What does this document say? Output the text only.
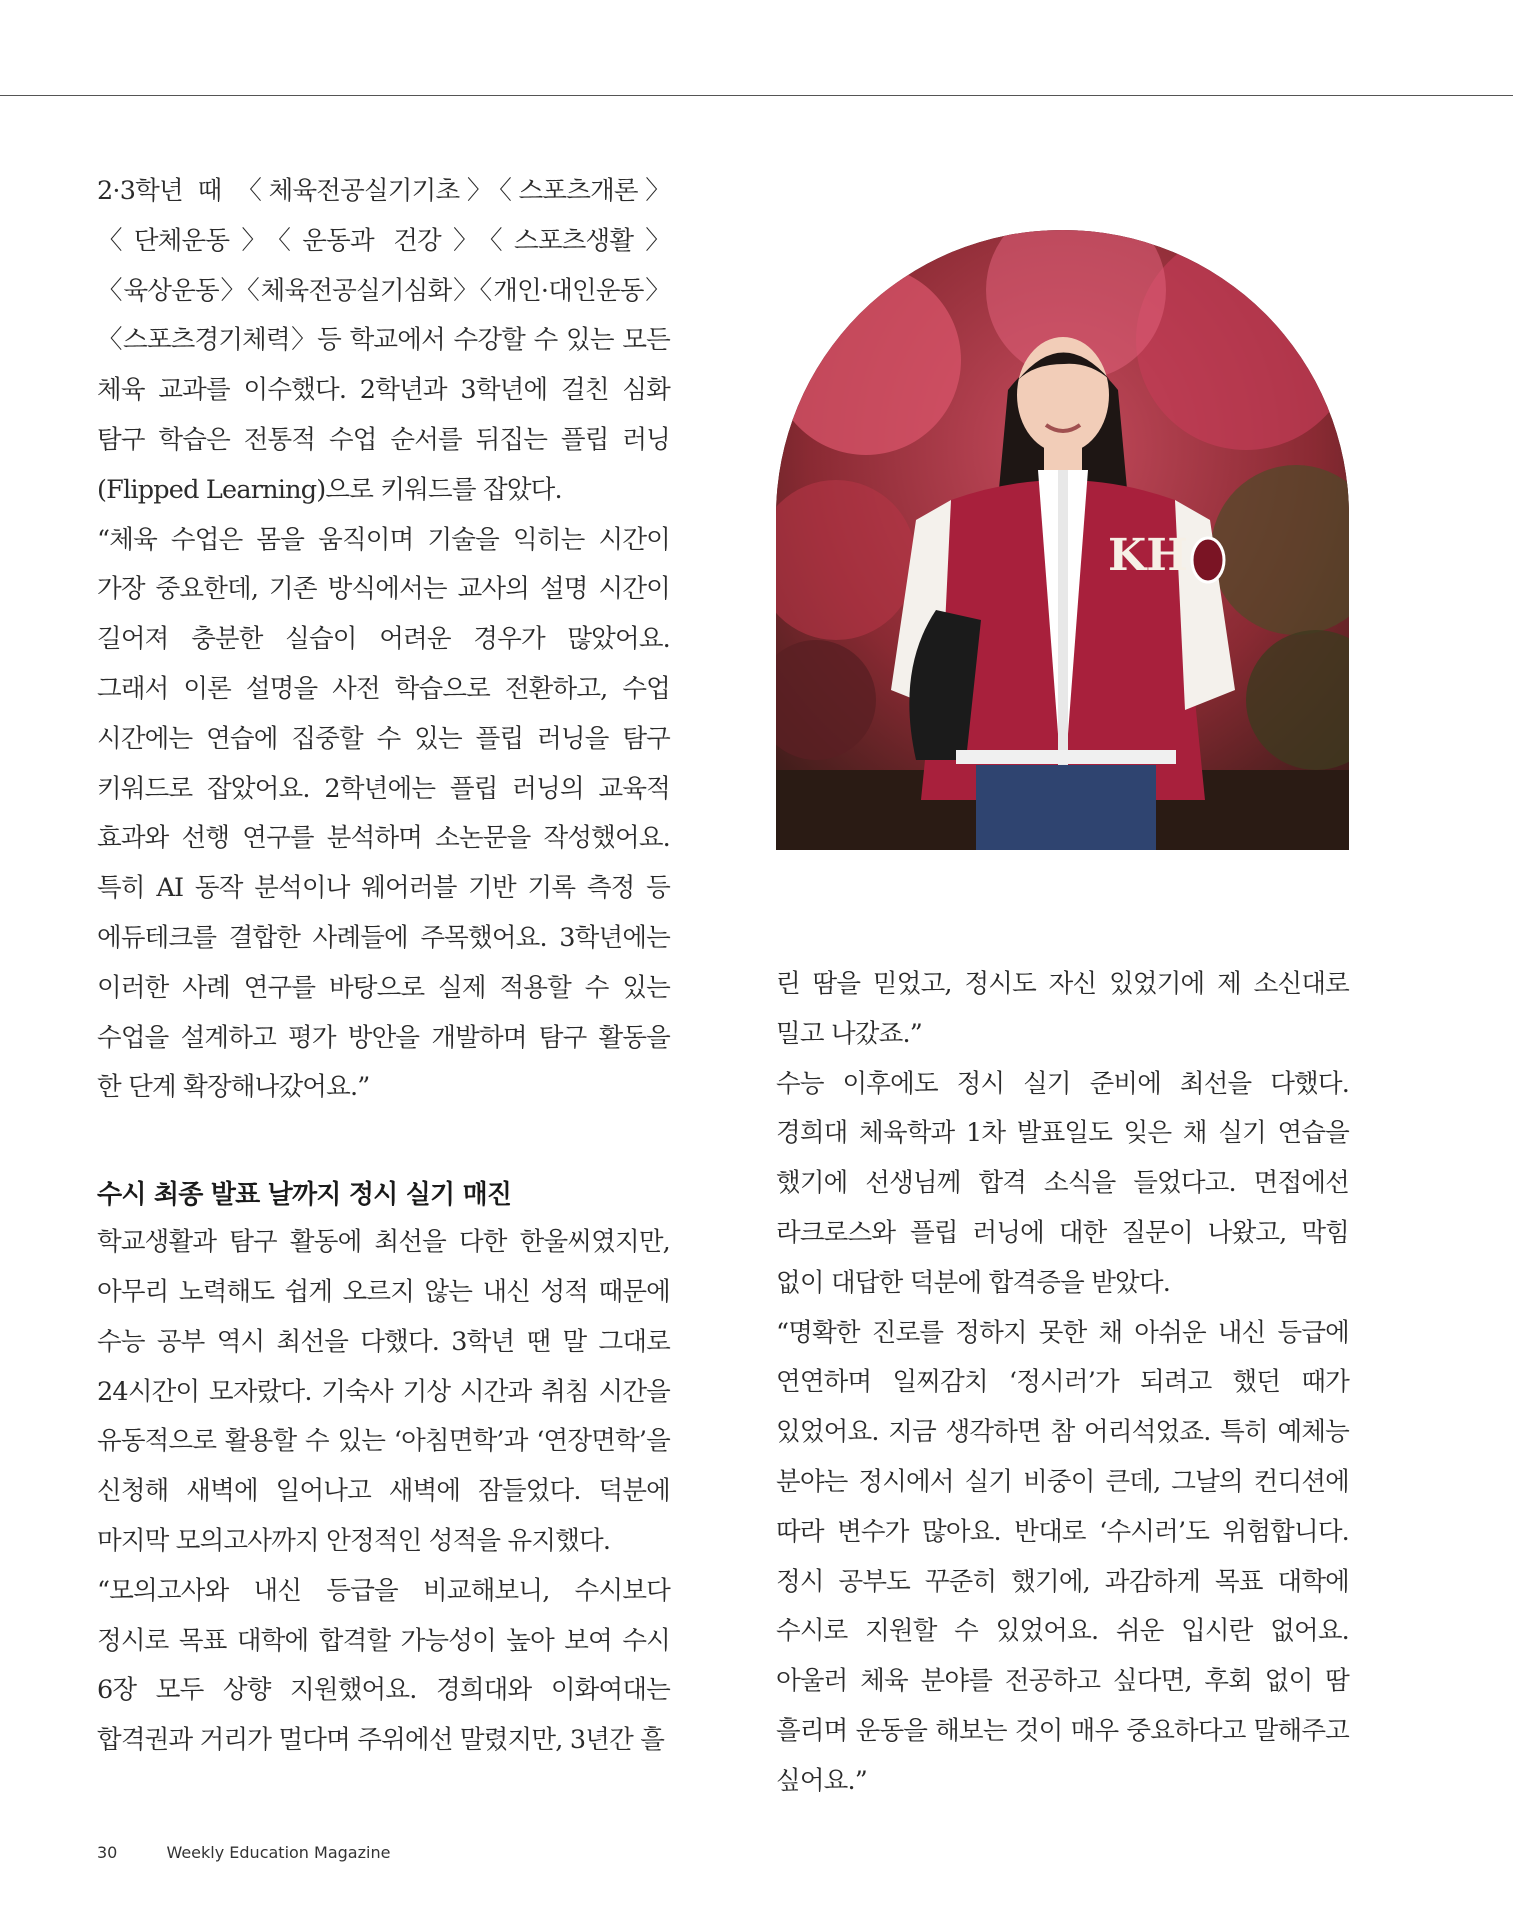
2·3학년 때 〈체육전공실기기초〉〈스포츠개론〉〈단체운동〉〈운동과 건강〉〈스포츠생활〉〈육상운동〉〈체육전공실기심화〉〈개인·대인운동〉〈스포츠경기체력〉등 학교에서 수강할 수 있는 모든 체육 교과를 이수했다. 2학년과 3학년에 걸친 심화 탐구 학습은 전통적 수업 순서를 뒤집는 플립 러닝(Flipped Learning)으로 키워드를 잡았다.

“체육 수업은 몸을 움직이며 기술을 익히는 시간이 가장 중요한데, 기존 방식에서는 교사의 설명 시간이 길어져 충분한 실습이 어려운 경우가 많았어요. 그래서 이론 설명을 사전 학습으로 전환하고, 수업 시간에는 연습에 집중할 수 있는 플립 러닝을 탐구 키워드로 잡았어요. 2학년에는 플립 러닝의 교육적 효과와 선행 연구를 분석하며 소논문을 작성했어요. 특히 AI 동작 분석이나 웨어러블 기반 기록 측정 등 에듀테크를 결합한 사례들에 주목했어요. 3학년에는 이러한 사례 연구를 바탕으로 실제 적용할 수 있는 수업을 설계하고 평가 방안을 개발하며 탐구 활동을 한 단계 확장해나갔어요.”

수시 최종 발표 날까지 정시 실기 매진

학교생활과 탐구 활동에 최선을 다한 한울씨였지만, 아무리 노력해도 쉽게 오르지 않는 내신 성적 때문에 수능 공부 역시 최선을 다했다. 3학년 땐 말 그대로 24시간이 모자랐다. 기숙사 기상 시간과 취침 시간을 유동적으로 활용할 수 있는 ‘아침면학’과 ‘연장면학’을 신청해 새벽에 일어나고 새벽에 잠들었다. 덕분에 마지막 모의고사까지 안정적인 성적을 유지했다.

“모의고사와 내신 등급을 비교해보니, 수시보다 정시로 목표 대학에 합격할 가능성이 높아 보여 수시 6장 모두 상향 지원했어요. 경희대와 이화여대는 합격권과 거리가 멀다며 주위에선 말렸지만, 3년간 흘

KH

린 땀을 믿었고, 정시도 자신 있었기에 제 소신대로 밀고 나갔죠.”

수능 이후에도 정시 실기 준비에 최선을 다했다. 경희대 체육학과 1차 발표일도 잊은 채 실기 연습을 했기에 선생님께 합격 소식을 들었다고. 면접에선 라크로스와 플립 러닝에 대한 질문이 나왔고, 막힘 없이 대답한 덕분에 합격증을 받았다.

“명확한 진로를 정하지 못한 채 아쉬운 내신 등급에 연연하며 일찌감치 ‘정시러’가 되려고 했던 때가 있었어요. 지금 생각하면 참 어리석었죠. 특히 예체능 분야는 정시에서 실기 비중이 큰데, 그날의 컨디션에 따라 변수가 많아요. 반대로 ‘수시러’도 위험합니다. 정시 공부도 꾸준히 했기에, 과감하게 목표 대학에 수시로 지원할 수 있었어요. 쉬운 입시란 없어요. 아울러 체육 분야를 전공하고 싶다면, 후회 없이 땀 흘리며 운동을 해보는 것이 매우 중요하다고 말해주고 싶어요.”

30	Weekly Education Magazine
